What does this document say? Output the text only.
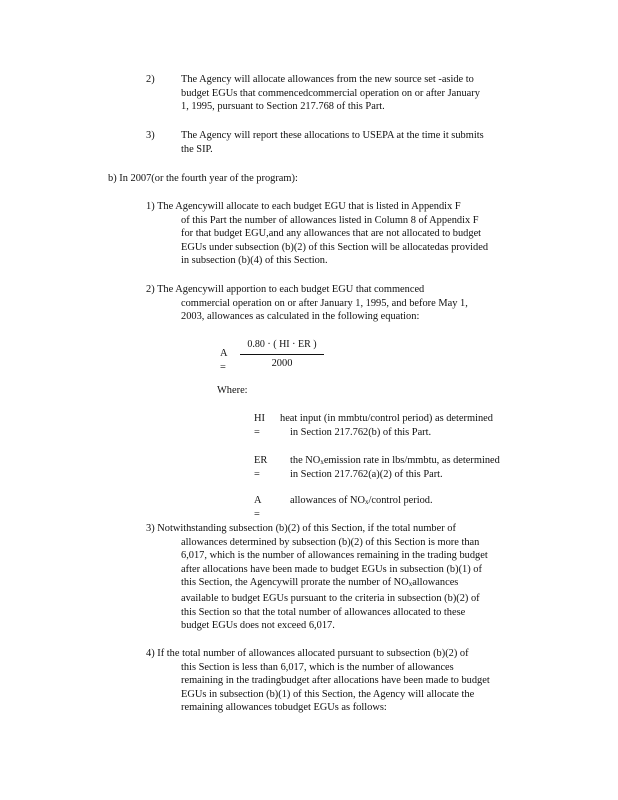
2)	The Agency will allocate allowances from the new source set -aside to
budget EGUs that commencedcommercial operation on or after January
1, 1995, pursuant to Section 217.768 of this Part.
3)	The Agency will report these allocations to USEPA at the time it submits
the SIP.
b) In 2007(or the fourth year of the program):
1) The Agencywill allocate to each budget EGU that is listed in Appendix F
of this Part the number of allowances listed in Column 8 of Appendix F
for that budget EGU,and any allowances that are not allocated to budget
EGUs under subsection (b)(2) of this Section will be allocatedas provided
in subsection (b)(4) of this Section.
2) The Agencywill apportion to each budget EGU that commenced
commercial operation on or after January 1, 1995, and before May 1,
2003, allowances as calculated in the following equation:
A =
0.80 · ( HI · ER )
2000
Where:
HI =
heat input (in mmbtu/control period) as determined
in Section 217.762(b) of this Part.
ER =
the $NO_xemission$ rate in lbs/mmbtu, as determined
in Section 217.762(a)(2) of this Part.
A =
allowances of $NO_x$/control period.
3) Notwithstanding subsection (b)(2) of this Section, if the total number of
allowances determined by subsection (b)(2) of this Section is more than
6,017, which is the number of allowances remaining in the trading budget
after allocations have been made to budget EGUs in subsection (b)(1) of
this Section, the Agencywill prorate the number of $NO_xallowances$
available to budget EGUs pursuant to the criteria in subsection (b)(2) of
this Section so that the total number of allowances allocated to these
budget EGUs does not exceed 6,017.
4) If the total number of allowances allocated pursuant to subsection (b)(2) of
this Section is less than 6,017, which is the number of allowances
remaining in the tradingbudget after allocations have been made to budget
EGUs in subsection (b)(1) of this Section, the Agency will allocate the
remaining allowances tobudget EGUs as follows:
